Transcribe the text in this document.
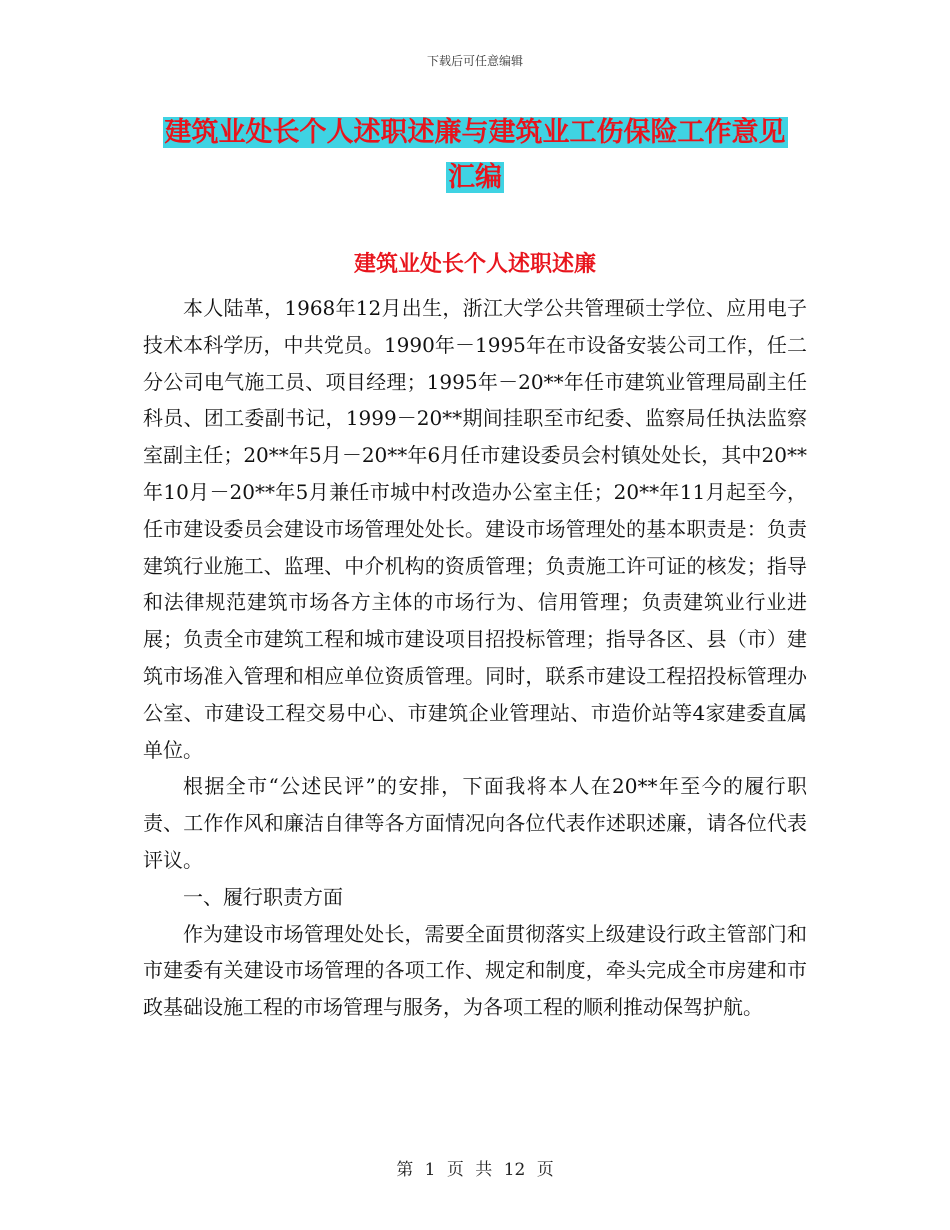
下载后可任意编辑
建筑业处长个人述职述廉与建筑业工伤保险工作意见
汇编
建筑业处长个人述职述廉

本人陆革，1968年12月出生，浙江大学公共管理硕士学位、应用电子技术本科学历，中共党员。1990年－1995年在市设备安装公司工作，任二分公司电气施工员、项目经理；1995年－20**年任市建筑业管理局副主任科员、团工委副书记，1999－20**期间挂职至市纪委、监察局任执法监察室副主任；20**年5月－20**年6月任市建设委员会村镇处处长，其中20**年10月－20**年5月兼任市城中村改造办公室主任；20**年11月起至今，任市建设委员会建设市场管理处处长。建设市场管理处的基本职责是：负责建筑行业施工、监理、中介机构的资质管理；负责施工许可证的核发；指导和法律规范建筑市场各方主体的市场行为、信用管理；负责建筑业行业进展；负责全市建筑工程和城市建设项目招投标管理；指导各区、县（市）建筑市场准入管理和相应单位资质管理。同时，联系市建设工程招投标管理办公室、市建设工程交易中心、市建筑企业管理站、市造价站等4家建委直属单位。

根据全市“公述民评”的安排，下面我将本人在20**年至今的履行职责、工作作风和廉洁自律等各方面情况向各位代表作述职述廉，请各位代表评议。

一、履行职责方面

作为建设市场管理处处长，需要全面贯彻落实上级建设行政主管部门和市建委有关建设市场管理的各项工作、规定和制度，牵头完成全市房建和市政基础设施工程的市场管理与服务，为各项工程的顺利推动保驾护航。

第 1 页 共 12 页
